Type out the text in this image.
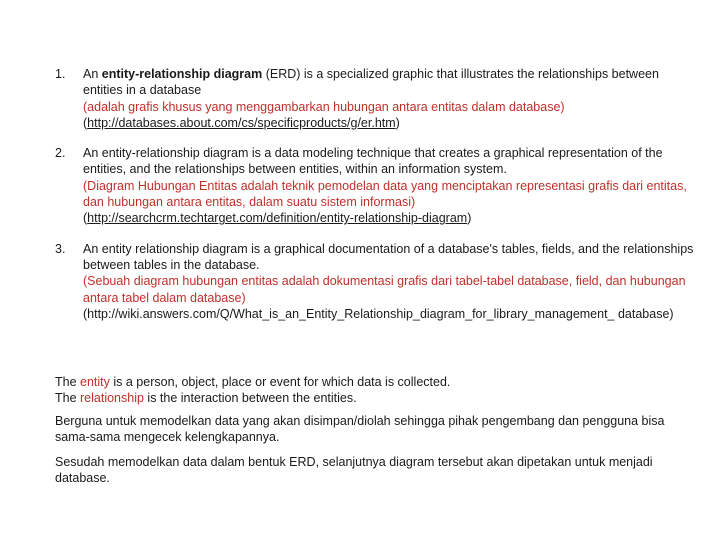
1.	An entity-relationship diagram (ERD) is a specialized graphic that illustrates the relationships between entities in a database
(adalah grafis khusus yang menggambarkan hubungan antara entitas dalam database)
(http://databases.about.com/cs/specificproducts/g/er.htm)
2.	An entity-relationship diagram is a data modeling technique that creates a graphical representation of the entities, and the relationships between entities, within an information system.
(Diagram Hubungan Entitas adalah teknik pemodelan data yang menciptakan representasi grafis dari entitas, dan hubungan antara entitas, dalam suatu sistem informasi)
(http://searchcrm.techtarget.com/definition/entity-relationship-diagram)
3.	An entity relationship diagram is a graphical documentation of a database's tables, fields, and the relationships between tables in the database.
(Sebuah diagram hubungan entitas adalah dokumentasi grafis dari tabel-tabel database, field, dan hubungan antara tabel dalam database)
(http://wiki.answers.com/Q/What_is_an_Entity_Relationship_diagram_for_library_management_ database)
The entity is a person, object, place or event for which data is collected.
The relationship is the interaction between the entities.
Berguna untuk memodelkan data yang akan disimpan/diolah sehingga pihak pengembang dan pengguna bisa sama-sama mengecek kelengkapannya.
Sesudah memodelkan data dalam bentuk ERD, selanjutnya diagram tersebut akan dipetakan untuk menjadi database.
